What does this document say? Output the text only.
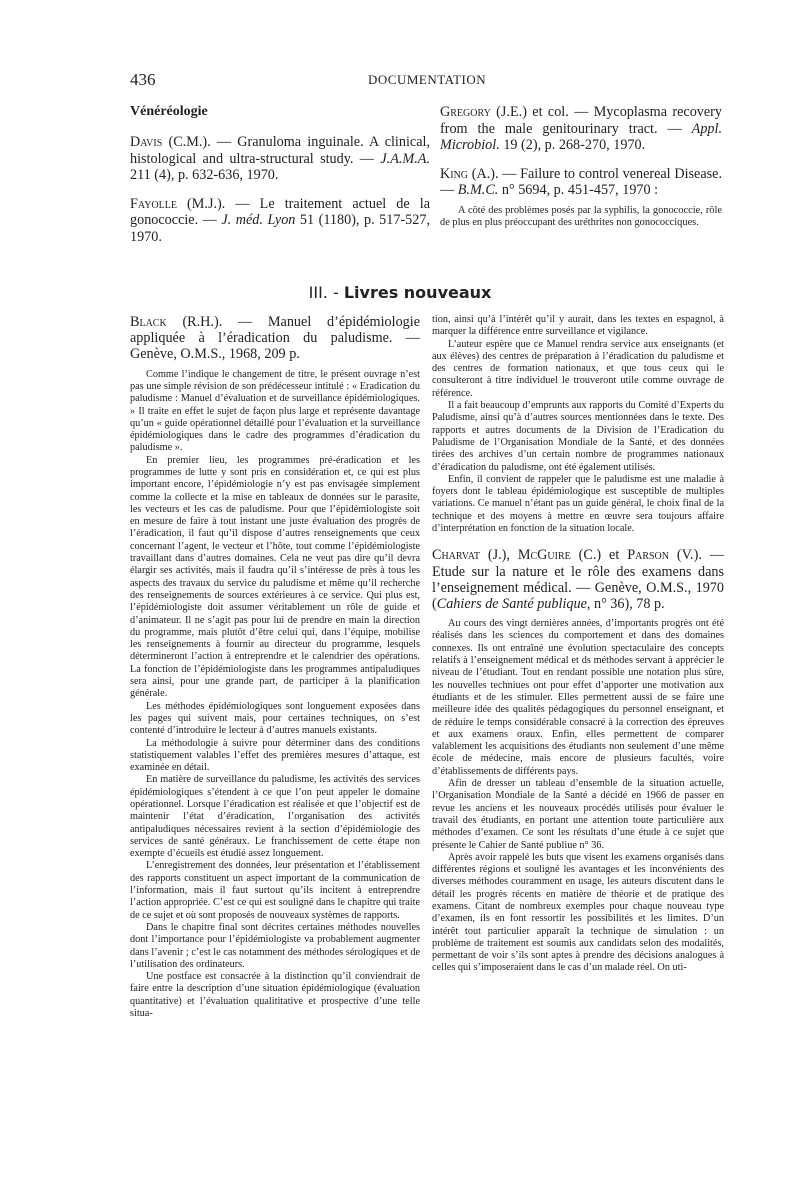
436	DOCUMENTATION
Vénéréologie

Davis (C.M.). — Granuloma inguinale. A clinical, histological and ultra-structural study. — J.A.M.A. 211 (4), p. 632-636, 1970.

Fayolle (M.J.). — Le traitement actuel de la gonococcie. — J. méd. Lyon 51 (1180), p. 517-527, 1970.

Gregory (J.E.) et col. — Mycoplasma recovery from the male genitourinary tract. — Appl. Microbiol. 19 (2), p. 268-270, 1970.

King (A.). — Failure to control venereal Disease. — B.M.C. n° 5694, p. 451-457, 1970 :

A côté des problèmes posés par la syphilis, la gonococcie, rôle de plus en plus préoccupant des uréthrites non gonococciques.

III. - Livres nouveaux

Black (R.H.). — Manuel d’épidémiologie appliquée à l’éradication du paludisme. — Genève, O.M.S., 1968, 209 p.

Comme l’indique le changement de titre, le présent ouvrage n’est pas une simple révision de son prédécesseur intitulé : « Eradication du paludisme : Manuel d’évaluation et de surveillance épidémiologiques. » Il traite en effet le sujet de façon plus large et représente davantage qu’un « guide opérationnel détaillé pour l’évaluation et la surveillance épidémiologiques dans le cadre des programmes d’éradication du paludisme ».

En premier lieu, les programmes pré-éradication et les programmes de lutte y sont pris en considération et, ce qui est plus important encore, l’épidémiologie n’y est pas envisagée simplement comme la collecte et la mise en tableaux de données sur le parasite, les vecteurs et les cas de paludisme. Pour que l’épidémiologiste soit en mesure de faire à tout instant une juste évaluation des progrès de l’éradication, il faut qu’il dispose d’autres renseignements que ceux concernant l’agent, le vecteur et l’hôte, tout comme l’épidémiologiste travaillant dans d’autres domaines. Cela ne veut pas dire qu’il devra élargir ses activités, mais il faudra qu’il s’intéresse de près à tous les aspects des travaux du service du paludisme et même qu’il recherche des renseignements de sources extérieures à ce service. Qui plus est, l’épidémiologiste doit assumer véritablement un rôle de guide et d’animateur. Il ne s’agit pas pour lui de prendre en main la direction du programme, mais plutôt d’être celui qui, dans l’équipe, mobilise les renseignements à fournir au directeur du programme, lesquels détermineront l’action à entreprendre et le calendrier des opérations. La fonction de l’épidémiologiste dans les programmes antipaludiques sera ainsi, pour une grande part, de participer à la planification générale.

Les méthodes épidémiologiques sont longuement exposées dans les pages qui suivent mais, pour certaines techniques, on s’est contenté d’introduire le lecteur à d’autres manuels existants.

La méthodologie à suivre pour déterminer dans des conditions statistiquement valables l’effet des premières mesures d’attaque, est examinée en détail.

En matière de surveillance du paludisme, les activités des services épidémiologiques s’étendent à ce que l’on peut appeler le domaine opérationnel. Lorsque l’éradication est réalisée et que l’objectif est de maintenir l’état d’éradication, l’organisation des activités antipaludiques nécessaires revient à la section d’épidémiologie des services de santé généraux. Le franchissement de cette étape non exempte d’écueils est étudié assez longuement.

L’enregistrement des données, leur présentation et l’établissement des rapports constituent un aspect important de la communication de l’information, mais il faut surtout qu’ils incitent à entreprendre l’action appropriée. C’est ce qui est souligné dans le chapitre qui traite de ce sujet et où sont proposés de nouveaux systèmes de rapports.

Dans le chapitre final sont décrites certaines méthodes nouvelles dont l’importance pour l’épidémiologiste va probablement augmenter dans l’avenir ; c’est le cas notamment des méthodes sérologiques et de l’utilisation des ordinateurs.

Une postface est consacrée à la distinction qu’il conviendrait de faire entre la description d’une situation épidémiologique (évaluation quantitative) et l’évaluation qualititative et prospective d’une telle situa-

tion, ainsi qu’à l’intérêt qu’il y aurait, dans les textes en espagnol, à marquer la différence entre surveillance et vigilance.

L’auteur espère que ce Manuel rendra service aux enseignants (et aux élèves) des centres de préparation à l’éradication du paludisme et des centres de formation nationaux, et que tous ceux qui le consulteront à titre individuel le trouveront utile comme ouvrage de référence.

Il a fait beaucoup d’emprunts aux rapports du Comité d’Experts du Paludisme, ainsi qu’à d’autres sources mentionnées dans le texte. Des rapports et autres documents de la Division de l’Eradication du Paludisme de l’Organisation Mondiale de la Santé, et des données tirées des archives d’un certain nombre de programmes nationaux d’éradication du paludisme, ont été également utilisés.

Enfin, il convient de rappeler que le paludisme est une maladie à foyers dont le tableau épidémiologique est susceptible de multiples variations. Ce manuel n’étant pas un guide général, le choix final de la technique et des moyens à mettre en œuvre sera toujours affaire d’interprétation en fonction de la situation locale.

Charvat (J.), McGuire (C.) et Parson (V.). — Etude sur la nature et le rôle des examens dans l’enseignement médical. — Genève, O.M.S., 1970 (Cahiers de Santé publique, n° 36), 78 p.

Au cours des vingt dernières années, d’importants progrès ont été réalisés dans les sciences du comportement et dans des domaines connexes. Ils ont entraîné une évolution spectaculaire des concepts relatifs à l’enseignement médical et ds méthodes servant à apprécier le niveau de l’étudiant. Tout en rendant possible une notation plus sûre, les nouvelles techniues ont pour effet d’apporter une motivation aux étudiants et de les stimuler. Elles permettent aussi de se faire une meilleure idée des qualités pédagogiques du personnel enseignant, et de réduire le temps considérable consacré à la correction des épreuves et aux examens oraux. Enfin, elles permettent de comparer valablement les acquisitions des étudiants non seulement d’une même école de médecine, mais encore de plusieurs facultés, voire d’établissements de différents pays.

Afin de dresser un tableau d’ensemble de la situation actuelle, l’Organisation Mondiale de la Santé a décidé en 1966 de passer en revue les anciens et les nouveaux procédés utilisés pour évaluer le travail des étudiants, en portant une attention toute particulière aux méthodes d’examen. Ce sont les résultats d’une étude à ce sujet que présente le Cahier de Santé publiue n° 36.

Après avoir rappelé les buts que visent les examens organisés dans différentes régions et souligné les avantages et les inconvénients des diverses méthodes couramment en usage, les auteurs discutent dans le détail les progrès récents en matière de théorie et de pratique des examens. Citant de nombreux exemples pour chaque nouveau type d’examen, ils en font ressortir les possibilités et les limites. D’un intérêt tout particulier apparaît la technique de simulation : un problème de traitement est soumis aux candidats selon des modalités, permettant de voir s’ils sont aptes à prendre des décisions analogues à celles qui s’imposeraient dans le cas d’un malade réel. On uti-
